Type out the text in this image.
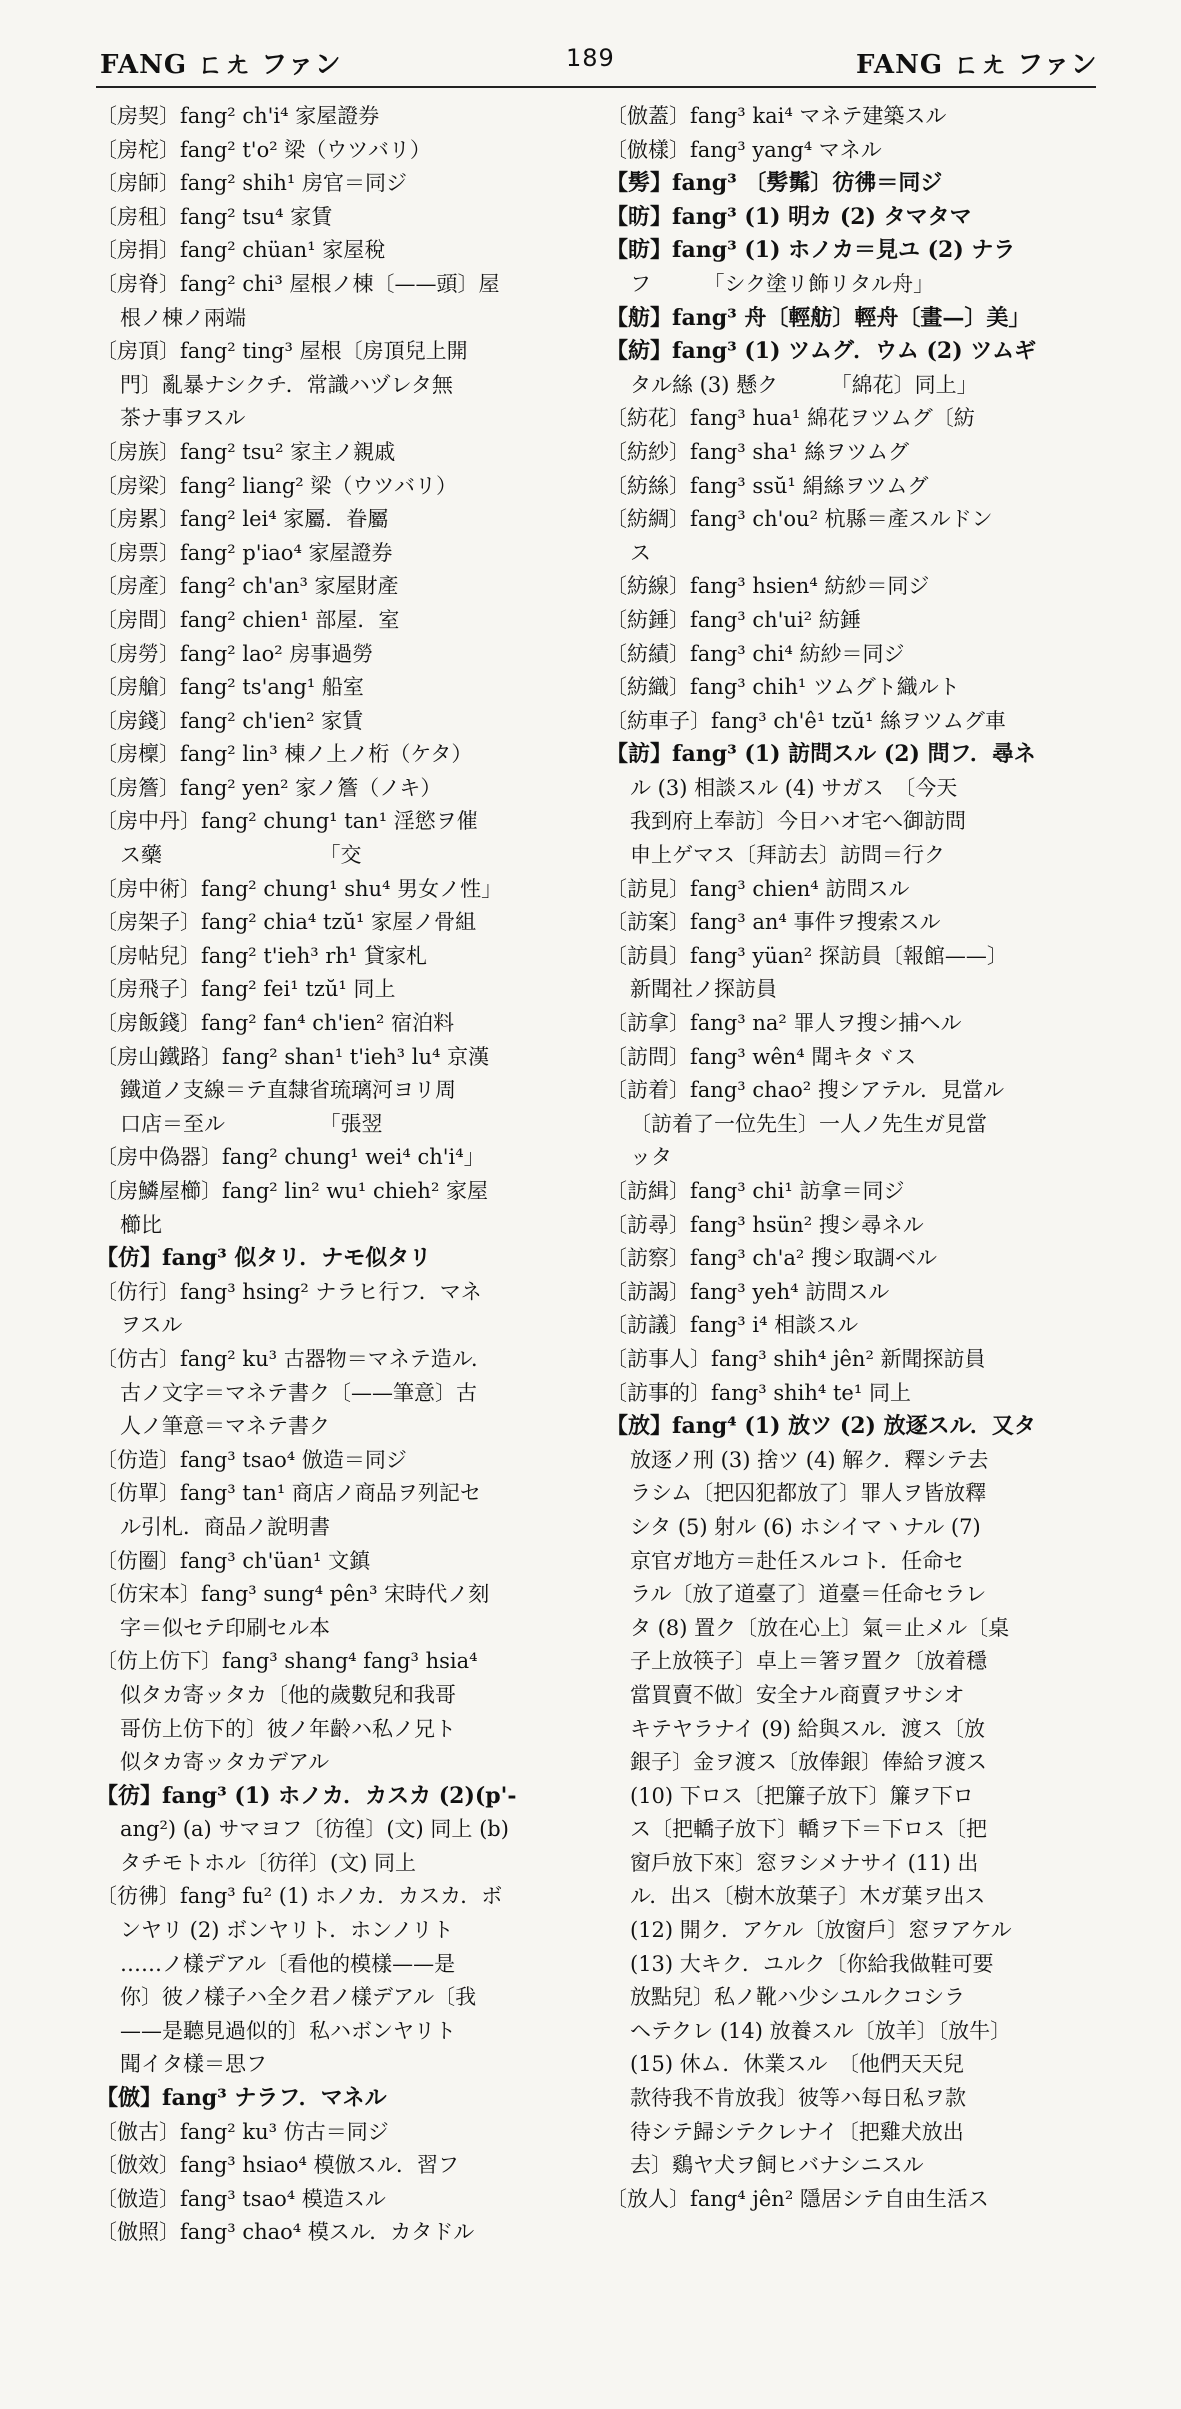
FANG ㄈㄤ ファン	189	FANG ㄈㄤ ファン
〔房契〕fang² ch'i⁴ 家屋證券
〔房柁〕fang² t'o² 梁（ウツバリ）
〔房師〕fang² shih¹ 房官＝同ジ
〔房租〕fang² tsu⁴ 家賃
〔房捐〕fang² chüan¹ 家屋稅
〔房脊〕fang² chi³ 屋根ノ棟〔——頭〕屋
根ノ棟ノ兩端
〔房頂〕fang² ting³ 屋根〔房頂兒上開
門〕亂暴ナシクチ．常識ハヅレタ無
茶ナ事ヲスル
〔房族〕fang² tsu² 家主ノ親戚
〔房梁〕fang² liang² 梁（ウツバリ）
〔房累〕fang² lei⁴ 家屬．眷屬
〔房票〕fang² p'iao⁴ 家屋證券
〔房產〕fang² ch'an³ 家屋財產
〔房間〕fang² chien¹ 部屋．室
〔房勞〕fang² lao² 房事過勞
〔房艙〕fang² ts'ang¹ 船室
〔房錢〕fang² ch'ien² 家賃
〔房檁〕fang² lin³ 棟ノ上ノ桁（ケタ）
〔房簷〕fang² yen² 家ノ簷（ノキ）
〔房中丹〕fang² chung¹ tan¹ 淫慾ヲ催
ス藥　　　　　　　　「交
〔房中術〕fang² chung¹ shu⁴ 男女ノ性」
〔房架子〕fang² chia⁴ tzŭ¹ 家屋ノ骨組
〔房帖兒〕fang² t'ieh³ rh¹ 貸家札
〔房飛子〕fang² fei¹ tzŭ¹ 同上
〔房飯錢〕fang² fan⁴ ch'ien² 宿泊料
〔房山鐵路〕fang² shan¹ t'ieh³ lu⁴ 京漢
鐵道ノ支線＝テ直隸省琉璃河ヨリ周
口店＝至ル　　　　　「張翌
〔房中偽器〕fang² chung¹ wei⁴ ch'i⁴」
〔房鱗屋櫛〕fang² lin² wu¹ chieh² 家屋
櫛比
【仿】fang³ 似タリ．ナモ似タリ
〔仿行〕fang³ hsing² ナラヒ行フ．マネ
ヲスル
〔仿古〕fang² ku³ 古器物＝マネテ造ル．
古ノ文字＝マネテ書ク〔——筆意〕古
人ノ筆意＝マネテ書ク
〔仿造〕fang³ tsao⁴ 倣造＝同ジ
〔仿單〕fang³ tan¹ 商店ノ商品ヲ列記セ
ル引札．商品ノ說明書
〔仿圈〕fang³ ch'üan¹ 文鎮
〔仿宋本〕fang³ sung⁴ pên³ 宋時代ノ刻
字＝似セテ印刷セル本
〔仿上仿下〕fang³ shang⁴ fang³ hsia⁴
似タカ寄ッタカ〔他的歲數兒和我哥
哥仿上仿下的〕彼ノ年齡ハ私ノ兄ト
似タカ寄ッタカデアル
【彷】fang³ (1) ホノカ．カスカ (2)(p'-
ang²) (a) サマヨフ〔彷徨〕(文) 同上 (b)
タチモトホル〔彷徉〕(文) 同上
〔彷彿〕fang³ fu² (1) ホノカ．カスカ．ボ
ンヤリ (2) ボンヤリト．ホンノリト
……ノ樣デアル〔看他的模樣——是
你〕彼ノ樣子ハ全ク君ノ樣デアル〔我
——是聽見過似的〕私ハボンヤリト
聞イタ樣＝思フ
【倣】fang³ ナラフ．マネル
〔倣古〕fang² ku³ 仿古＝同ジ
〔倣效〕fang³ hsiao⁴ 模倣スル．習フ
〔倣造〕fang³ tsao⁴ 模造スル
〔倣照〕fang³ chao⁴ 模スル．カタドル
〔倣蓋〕fang³ kai⁴ マネテ建築スル
〔倣樣〕fang³ yang⁴ マネル
【髣】fang³ 〔髣髴〕彷彿＝同ジ
【昉】fang³ (1) 明カ (2) タマタマ
【眆】fang³ (1) ホノカ＝見ユ (2) ナラ
フ　　　「シク塗リ飾リタル舟」
【舫】fang³ 舟〔輕舫〕輕舟〔畫—〕美」
【紡】fang³ (1) ツムグ．ウム (2) ツムギ
タル絲 (3) 懸ク　　　「綿花〕同上」
〔紡花〕fang³ hua¹ 綿花ヲツムグ〔紡
〔紡紗〕fang³ sha¹ 絲ヲツムグ
〔紡絲〕fang³ ssŭ¹ 絹絲ヲツムグ
〔紡綢〕fang³ ch'ou² 杭縣＝產スルドン
ス
〔紡線〕fang³ hsien⁴ 紡紗＝同ジ
〔紡錘〕fang³ ch'ui² 紡錘
〔紡績〕fang³ chi⁴ 紡紗＝同ジ
〔紡織〕fang³ chih¹ ツムグト織ルト
〔紡車子〕fang³ ch'ê¹ tzŭ¹ 絲ヲツムグ車
【訪】fang³ (1) 訪問スル (2) 問フ．尋ネ
ル (3) 相談スル (4) サガス　〔今天
我到府上奉訪〕今日ハオ宅へ御訪問
申上ゲマス〔拜訪去〕訪問＝行ク
〔訪見〕fang³ chien⁴ 訪問スル
〔訪案〕fang³ an⁴ 事件ヲ搜索スル
〔訪員〕fang³ yüan² 探訪員〔報館——〕
新聞社ノ探訪員
〔訪拿〕fang³ na² 罪人ヲ搜シ捕ヘル
〔訪問〕fang³ wên⁴ 聞キタヾス
〔訪着〕fang³ chao² 搜シアテル．見當ル
〔訪着了一位先生〕一人ノ先生ガ見當
ッタ
〔訪緝〕fang³ chi¹ 訪拿＝同ジ
〔訪尋〕fang³ hsün² 搜シ尋ネル
〔訪察〕fang³ ch'a² 搜シ取調ベル
〔訪謁〕fang³ yeh⁴ 訪問スル
〔訪議〕fang³ i⁴ 相談スル
〔訪事人〕fang³ shih⁴ jên² 新聞探訪員
〔訪事的〕fang³ shih⁴ te¹ 同上
【放】fang⁴ (1) 放ツ (2) 放逐スル．又タ
放逐ノ刑 (3) 捨ツ (4) 解ク．釋シテ去
ラシム〔把囚犯都放了〕罪人ヲ皆放釋
シタ (5) 射ル (6) ホシイマヽナル (7)
京官ガ地方＝赴任スルコト．任命セ
ラル〔放了道臺了〕道臺＝任命セラレ
タ (8) 置ク〔放在心上〕氣＝止メル〔桌
子上放筷子〕卓上＝箸ヲ置ク〔放着穩
當買賣不做〕安全ナル商賣ヲサシオ
キテヤラナイ (9) 給與スル．渡ス〔放
銀子〕金ヲ渡ス〔放俸銀〕俸給ヲ渡ス
(10) 下ロス〔把簾子放下〕簾ヲ下ロ
ス〔把轎子放下〕轎ヲ下＝下ロス〔把
窗戶放下來〕窓ヲシメナサイ (11) 出
ル．出ス〔樹木放葉子〕木ガ葉ヲ出ス
(12) 開ク．アケル〔放窗戶〕窓ヲアケル
(13) 大キク．ユルク〔你給我做鞋可要
放點兒〕私ノ靴ハ少シユルクコシラ
ヘテクレ (14) 放養スル〔放羊〕〔放牛〕
(15) 休ム．休業スル　〔他們天天兒
款待我不肯放我〕彼等ハ每日私ヲ款
待シテ歸シテクレナイ〔把雞犬放出
去〕鷄ヤ犬ヲ飼ヒバナシニスル
〔放人〕fang⁴ jên² 隱居シテ自由生活ス
